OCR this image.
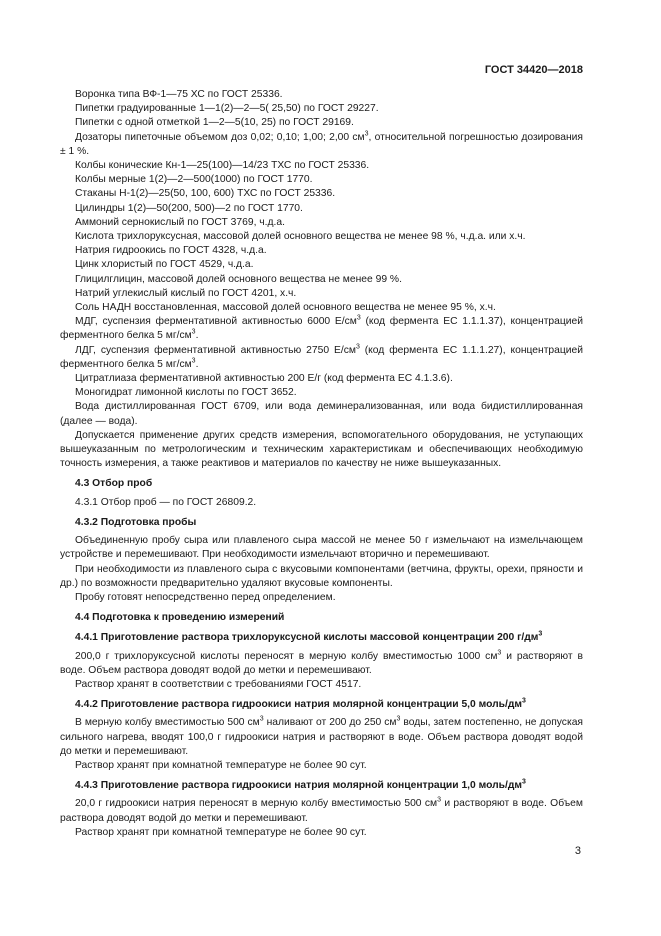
ГОСТ 34420—2018

Воронка типа ВФ-1—75 ХС по ГОСТ 25336.

Пипетки градуированные 1—1(2)—2—5( 25,50) по ГОСТ 29227.

Пипетки с одной отметкой 1—2—5(10, 25) по ГОСТ 29169.

Дозаторы пипеточные объемом доз 0,02; 0,10; 1,00; 2,00 $см^3$, относительной погрешностью дозирования ± 1 %.

Колбы конические Кн-1—25(100)—14/23 ТХС по ГОСТ 25336.

Колбы мерные 1(2)—2—500(1000) по ГОСТ 1770.

Стаканы Н-1(2)—25(50, 100, 600) ТХС по ГОСТ 25336.

Цилиндры 1(2)—50(200, 500)—2 по ГОСТ 1770.

Аммоний сернокислый по ГОСТ 3769, ч.д.а.

Кислота трихлоруксусная, массовой долей основного вещества не менее 98 %, ч.д.а. или х.ч.

Натрия гидроокись по ГОСТ 4328, ч.д.а.

Цинк хлористый по ГОСТ 4529, ч.д.а.

Глицилглицин, массовой долей основного вещества не менее 99 %.

Натрий углекислый кислый по ГОСТ 4201, х.ч.

Соль НАДН восстановленная, массовой долей основного вещества не менее 95 %, х.ч.

МДГ, суспензия ферментативной активностью 6000 $Е/см^3$ (код фермента ЕС 1.1.1.37), концентрацией ферментного белка 5 $мг/см^3$.

ЛДГ, суспензия ферментативной активностью 2750 $Е/см^3$ (код фермента ЕС 1.1.1.27), концентрацией ферментного белка 5 $мг/см^3$.

Цитратлиаза ферментативной активностью 200 Е/г (код фермента ЕС 4.1.3.6).

Моногидрат лимонной кислоты по ГОСТ 3652.

Вода дистиллированная ГОСТ 6709, или вода деминерализованная, или вода бидистиллированная (далее — вода).

Допускается применение других средств измерения, вспомогательного оборудования, не уступающих вышеуказанным по метрологическим и техническим характеристикам и обеспечивающих необходимую точность измерения, а также реактивов и материалов по качеству не ниже вышеуказанных.

4.3 Отбор проб

4.3.1 Отбор проб — по ГОСТ 26809.2.

4.3.2 Подготовка пробы

Объединенную пробу сыра или плавленого сыра массой не менее 50 г измельчают на измельчающем устройстве и перемешивают. При необходимости измельчают вторично и перемешивают.

При необходимости из плавленого сыра с вкусовыми компонентами (ветчина, фрукты, орехи, пряности и др.) по возможности предварительно удаляют вкусовые компоненты.

Пробу готовят непосредственно перед определением.

4.4 Подготовка к проведению измерений
4.4.1 Приготовление раствора трихлоруксусной кислоты массовой концентрации 200 $г/дм^3$

200,0 г трихлоруксусной кислоты переносят в мерную колбу вместимостью 1000 $см^3$ и растворяют в воде. Объем раствора доводят водой до метки и перемешивают.

Раствор хранят в соответствии с требованиями ГОСТ 4517.

4.4.2 Приготовление раствора гидроокиси натрия молярной концентрации 5,0 моль/$дм^3$

В мерную колбу вместимостью 500 $см^3$ наливают от 200 до 250 $см^3$ воды, затем постепенно, не допуская сильного нагрева, вводят 100,0 г гидроокиси натрия и растворяют в воде. Объем раствора доводят водой до метки и перемешивают.

Раствор хранят при комнатной температуре не более 90 сут.

4.4.3 Приготовление раствора гидроокиси натрия молярной концентрации 1,0 моль/$дм^3$

20,0 г гидроокиси натрия переносят в мерную колбу вместимостью 500 $см^3$ и растворяют в воде. Объем раствора доводят водой до метки и перемешивают.

Раствор хранят при комнатной температуре не более 90 сут.

3
